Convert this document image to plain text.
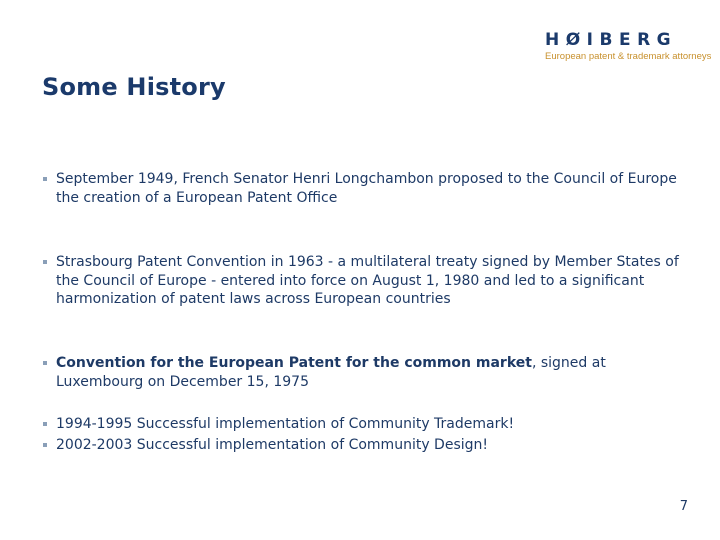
HØIBERG
European patent & trademark attorneys
Some History
September 1949, French Senator Henri Longchambon proposed to the Council of Europe the creation of a European Patent Office
Strasbourg Patent Convention in 1963 - a multilateral treaty signed by Member States of the Council of Europe - entered into force on August 1, 1980 and led to a significant harmonization of patent laws across European countries
Convention for the European Patent for the common market, signed at Luxembourg on December 15, 1975
1994-1995 Successful implementation of Community Trademark!
2002-2003 Successful implementation of Community Design!
7
